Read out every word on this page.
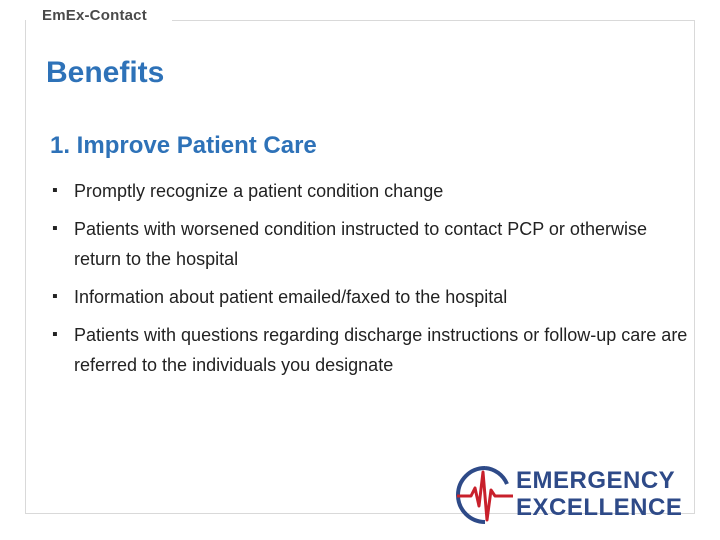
EmEx-Contact
Benefits
1. Improve Patient Care
▪ Promptly recognize a patient condition change
▪ Patients with worsened condition instructed to contact PCP or otherwise return to the hospital
▪ Information about patient emailed/faxed to the hospital
▪ Patients with questions regarding discharge instructions or follow-up care are referred to the individuals you designate
EMERGENCY
EXCELLENCE
